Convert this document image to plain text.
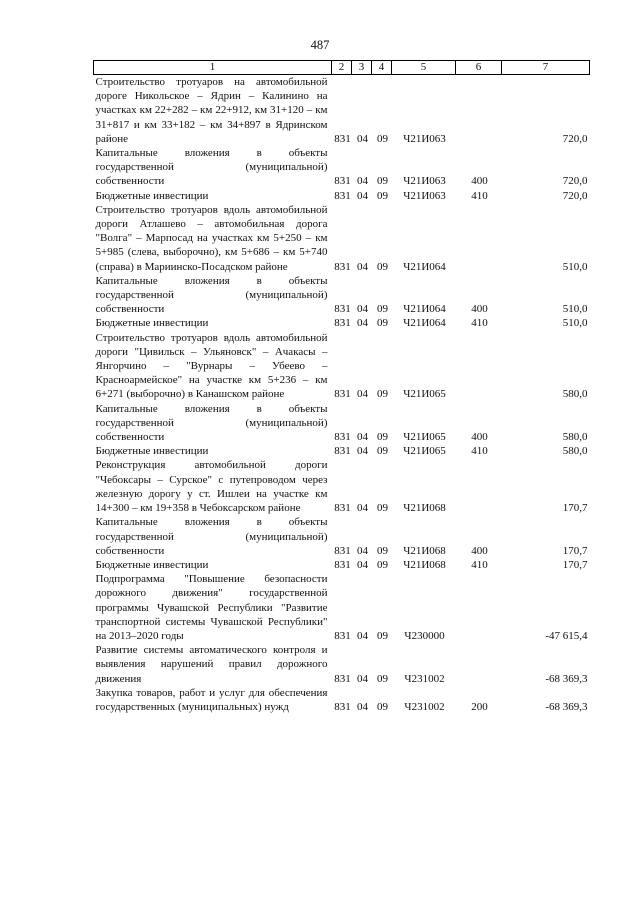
487
1	2	3	4	5	6	7
Строительство тротуаров на автомобильной дороге Никольское – Ядрин – Калинино на участках км 22+282 – км 22+912, км 31+120 – км 31+817 и км 33+182 – км 34+897 в Ядринском районе	831	04	09	Ч21И063		720,0
Капитальные вложения в объекты государственной (муниципальной) собственности	831	04	09	Ч21И063	400	720,0
Бюджетные инвестиции	831	04	09	Ч21И063	410	720,0
Строительство тротуаров вдоль автомобильной дороги Атлашево – автомобильная дорога "Волга" – Марпосад на участках км 5+250 – км 5+985 (слева, выборочно), км 5+686 – км 5+740 (справа) в Мариинско-Посадском районе	831	04	09	Ч21И064		510,0
Капитальные вложения в объекты государственной (муниципальной) собственности	831	04	09	Ч21И064	400	510,0
Бюджетные инвестиции	831	04	09	Ч21И064	410	510,0
Строительство тротуаров вдоль автомобильной дороги "Цивильск – Ульяновск" – Ачакасы – Янгорчино – "Вурнары – Убеево – Красноармейское" на участке км 5+236 – км 6+271 (выборочно) в Канашском районе	831	04	09	Ч21И065		580,0
Капитальные вложения в объекты государственной (муниципальной) собственности	831	04	09	Ч21И065	400	580,0
Бюджетные инвестиции	831	04	09	Ч21И065	410	580,0
Реконструкция автомобильной дороги "Чебоксары – Сурское" с путепроводом через железную дорогу у ст. Ишлеи на участке км 14+300 – км 19+358 в Чебоксарском районе	831	04	09	Ч21И068		170,7
Капитальные вложения в объекты государственной (муниципальной) собственности	831	04	09	Ч21И068	400	170,7
Бюджетные инвестиции	831	04	09	Ч21И068	410	170,7
Подпрограмма "Повышение безопасности дорожного движения" государственной программы Чувашской Республики "Развитие транспортной системы Чувашской Республики" на 2013–2020 годы	831	04	09	Ч230000		-47 615,4
Развитие системы автоматического контроля и выявления нарушений правил дорожного движения	831	04	09	Ч231002		-68 369,3
Закупка товаров, работ и услуг для обеспечения государственных (муниципальных) нужд	831	04	09	Ч231002	200	-68 369,3
